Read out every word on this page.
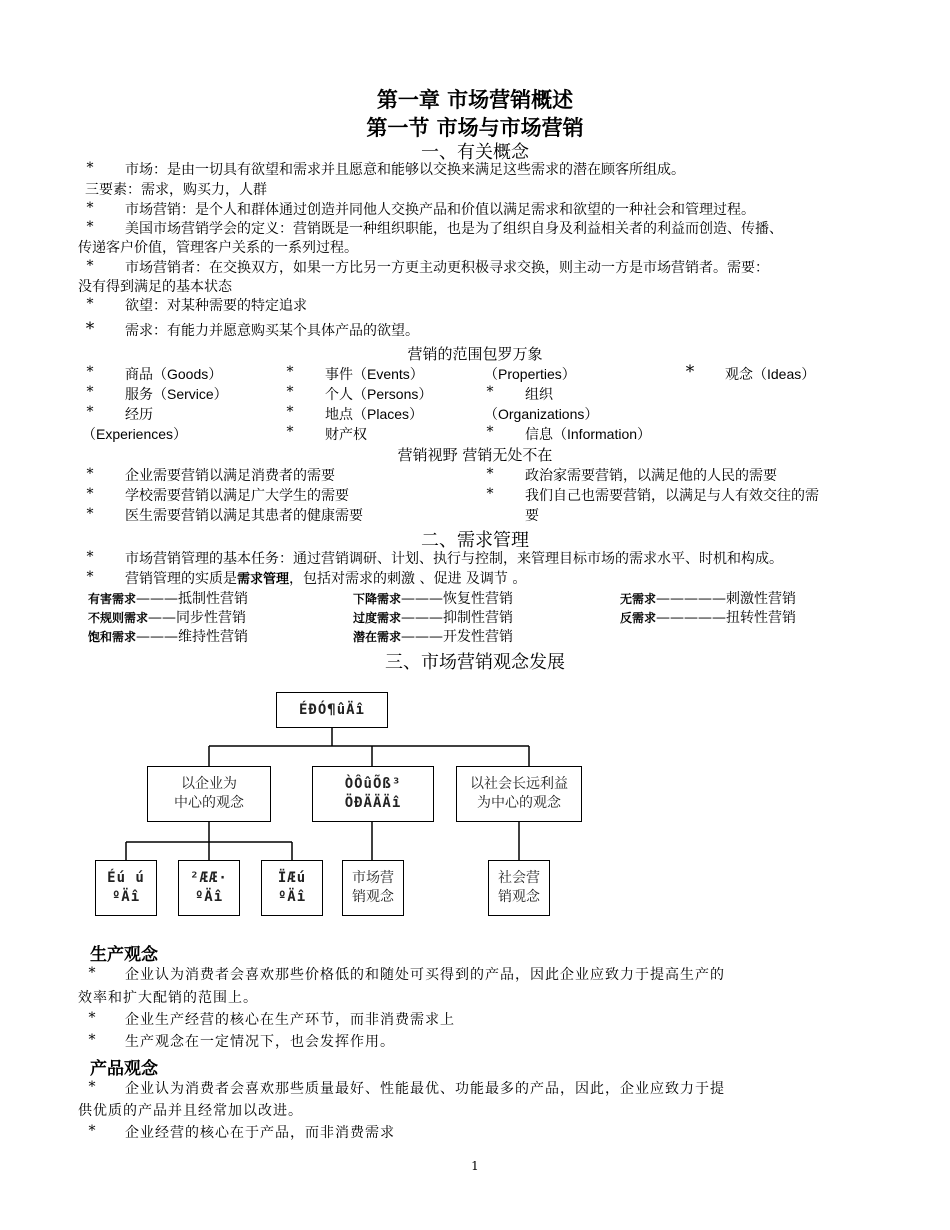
第一章 市场营销概述
第一节 市场与市场营销
一、有关概念
* 市场：是由一切具有欲望和需求并且愿意和能够以交换来满足这些需求的潜在顾客所组成。
三要素：需求，购买力，人群
* 市场营销：是个人和群体通过创造并同他人交换产品和价值以满足需求和欲望的一种社会和管理过程。
* 美国市场营销学会的定义：营销既是一种组织职能，也是为了组织自身及利益相关者的利益而创造、传播、
传递客户价值，管理客户关系的一系列过程。
* 市场营销者：在交换双方，如果一方比另一方更主动更积极寻求交换，则主动一方是市场营销者。需要：
没有得到满足的基本状态
* 欲望：对某种需要的特定追求
* 需求：有能力并愿意购买某个具体产品的欲望。
营销的范围包罗万象
* 商品（Goods）	* 事件（Events）	（Properties）	* 观念（Ideas）
* 服务（Service）	* 个人（Persons）	* 组织
* 经历	* 地点（Places）	（Organizations）
（Experiences）	* 财产权	* 信息（Information）
营销视野 营销无处不在
* 企业需要营销以满足消费者的需要	* 政治家需要营销，以满足他的人民的需要
* 学校需要营销以满足广大学生的需要	* 我们自己也需要营销，以满足与人有效交往的需
* 医生需要营销以满足其患者的健康需要	要
二、需求管理
* 市场营销管理的基本任务：通过营销调研、计划、执行与控制，来管理目标市场的需求水平、时机和构成。
* 营销管理的实质是需求管理，包括对需求的刺激 、促进 及调节 。
有害需求———抵制性营销	下降需求———恢复性营销	无需求—————刺激性营销
不规则需求——同步性营销	过度需求———抑制性营销	反需求—————扭转性营销
饱和需求———维持性营销	潜在需求———开发性营销
三、市场营销观念发展
ÉÐÓ¶ûÄî
以企业为
中心的观念
ÒÔûÕß³
ÖÐÄÄÄî
以社会长远利益
为中心的观念
Éú ú
ºÄî
²ÆÆ·
ºÄî
ÏÆú
ºÄî
市场营
销观念
社会营
销观念
生产观念
* 企业认为消费者会喜欢那些价格低的和随处可买得到的产品，因此企业应致力于提高生产的
效率和扩大配销的范围上。
* 企业生产经营的核心在生产环节，而非消费需求上
* 生产观念在一定情况下，也会发挥作用。
产品观念
* 企业认为消费者会喜欢那些质量最好、性能最优、功能最多的产品，因此，企业应致力于提
供优质的产品并且经常加以改进。
* 企业经营的核心在于产品，而非消费需求
1
